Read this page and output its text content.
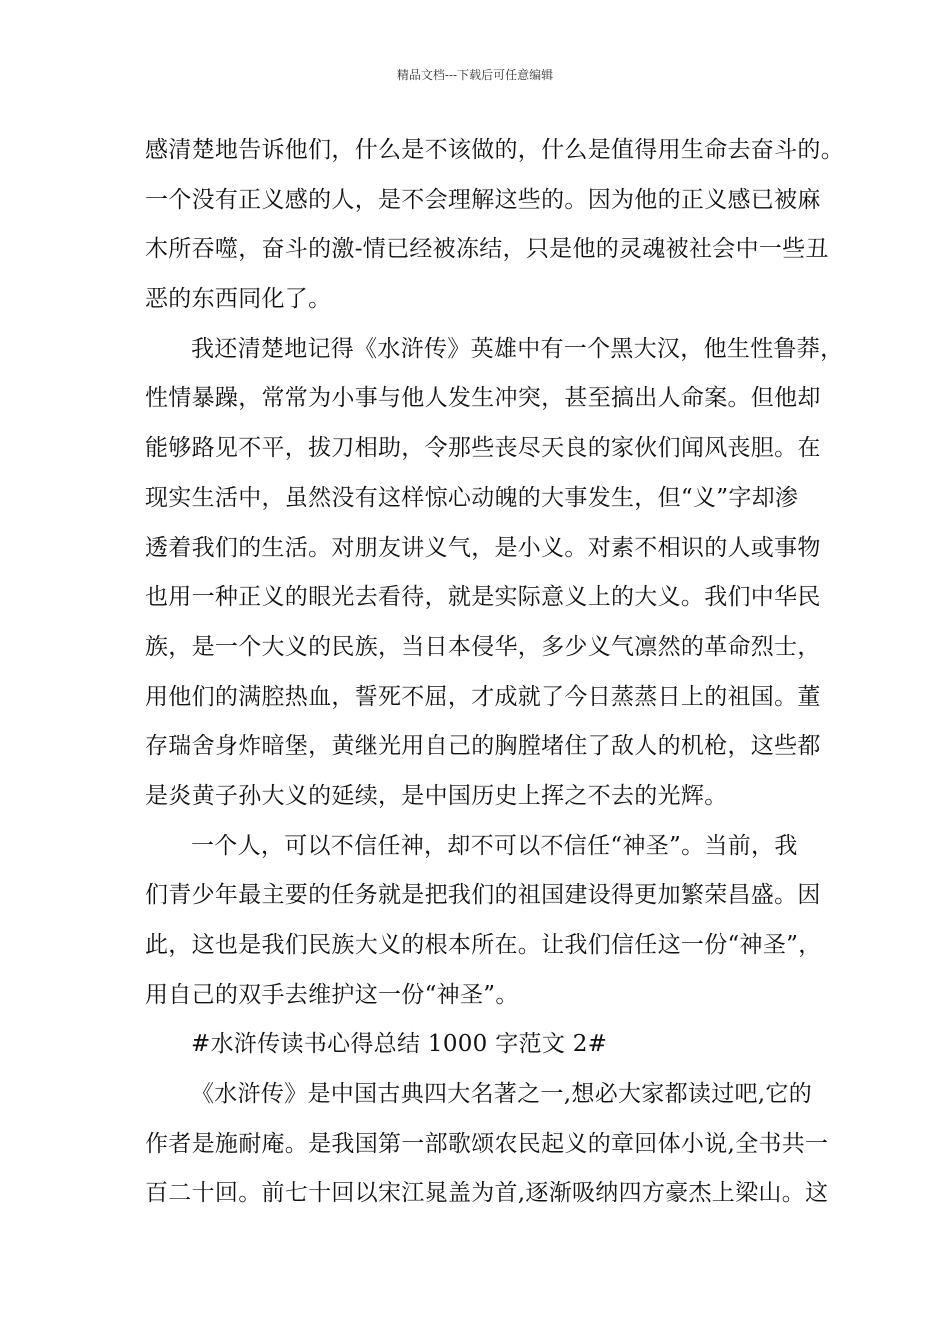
精品文档---下载后可任意编辑
感清楚地告诉他们，什么是不该做的，什么是值得用生命去奋斗的。
一个没有正义感的人，是不会理解这些的。因为他的正义感已被麻
木所吞噬，奋斗的激-情已经被冻结，只是他的灵魂被社会中一些丑
恶的东西同化了。
我还清楚地记得《水浒传》英雄中有一个黑大汉，他生性鲁莽，
性情暴躁，常常为小事与他人发生冲突，甚至搞出人命案。但他却
能够路见不平，拔刀相助，令那些丧尽天良的家伙们闻风丧胆。在
现实生活中，虽然没有这样惊心动魄的大事发生，但“义”字却渗
透着我们的生活。对朋友讲义气，是小义。对素不相识的人或事物
也用一种正义的眼光去看待，就是实际意义上的大义。我们中华民
族，是一个大义的民族，当日本侵华，多少义气凛然的革命烈士，
用他们的满腔热血，誓死不屈，才成就了今日蒸蒸日上的祖国。董
存瑞舍身炸暗堡，黄继光用自己的胸膛堵住了敌人的机枪，这些都
是炎黄子孙大义的延续，是中国历史上挥之不去的光辉。
一个人，可以不信任神，却不可以不信任“神圣”。当前，我
们青少年最主要的任务就是把我们的祖国建设得更加繁荣昌盛。因
此，这也是我们民族大义的根本所在。让我们信任这一份“神圣”，
用自己的双手去维护这一份“神圣”。
#水浒传读书心得总结 1000 字范文 2#
《水浒传》是中国古典四大名著之一,想必大家都读过吧,它的
作者是施耐庵。是我国第一部歌颂农民起义的章回体小说,全书共一
百二十回。前七十回以宋江晁盖为首,逐渐吸纳四方豪杰上梁山。这
